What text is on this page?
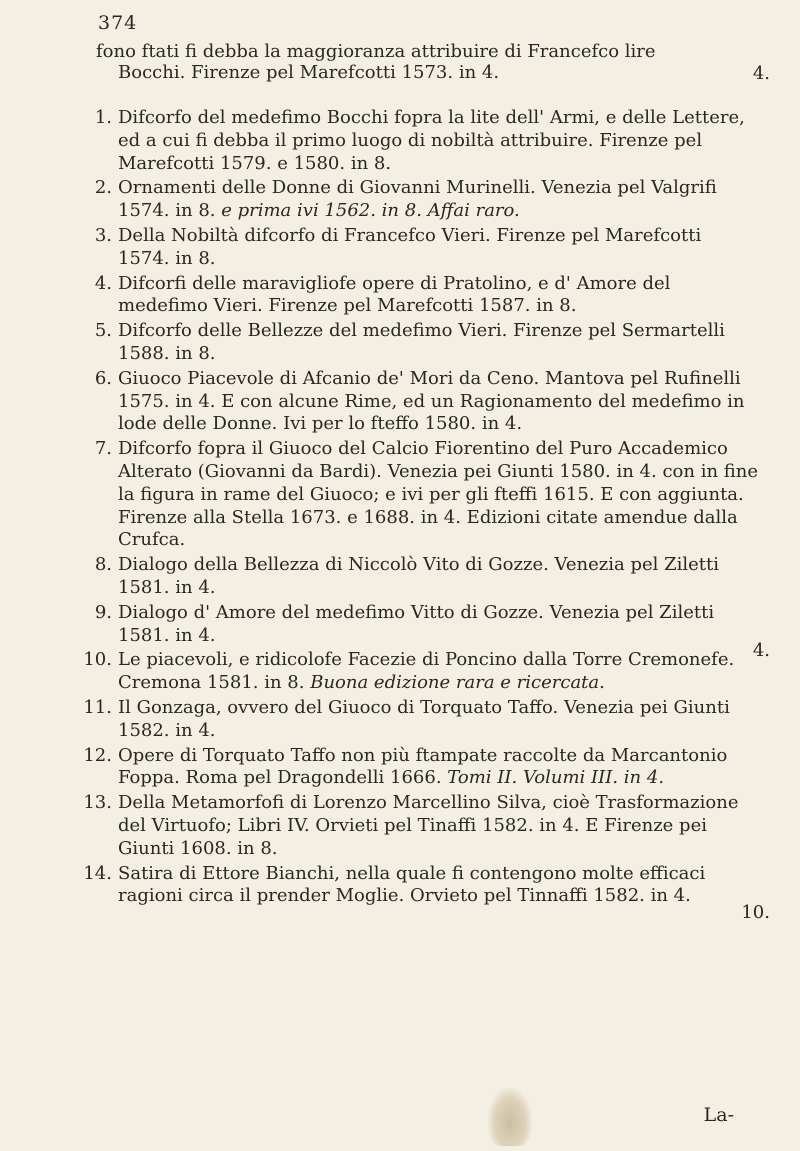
374
fono ftati fi debba la maggioranza attribuire di Francefco lire
Bocchi. Firenze pel Marefcotti 1573. in 4.	4.
1. Difcorfo del medefimo Bocchi fopra la lite dell' Armi, e delle Lettere, ed a cui fi debba il primo luogo di nobiltà attribuire. Firenze pel Marefcotti 1579. e 1580. in 8.
2. Ornamenti delle Donne di Giovanni Murinelli. Venezia pel Valgrifi 1574. in 8. e prima ivi 1562. in 8. Affai raro.
3. Della Nobiltà difcorfo di Francefco Vieri. Firenze pel Marefcotti 1574. in 8.
4. Difcorfi delle maravigliofe opere di Pratolino, e d' Amore del medefimo Vieri. Firenze pel Marefcotti 1587. in 8.
5. Difcorfo delle Bellezze del medefimo Vieri. Firenze pel Sermartelli 1588. in 8.
6. Giuoco Piacevole di Afcanio de' Mori da Ceno. Mantova pel Rufinelli 1575. in 4. E con alcune Rime, ed un Ragionamento del medefimo in lode delle Donne. Ivi per lo fteffo 1580. in 4.
7. Difcorfo fopra il Giuoco del Calcio Fiorentino del Puro Accademico Alterato (Giovanni da Bardi). Venezia pei Giunti 1580. in 4. con in fine la figura in rame del Giuoco; e ivi per gli fteffi 1615. E con aggiunta. Firenze alla Stella 1673. e 1688. in 4. Edizioni citate amendue dalla Crufca.
8. Dialogo della Bellezza di Niccolò Vito di Gozze. Venezia pel Ziletti 1581. in 4.
9. Dialogo d' Amore del medefimo Vitto di Gozze. Venezia pel Ziletti 1581. in 4.
10. Le piacevoli, e ridicolofe Facezie di Poncino dalla Torre Cremonefe. Cremona 1581. in 8. Buona edizione rara e ricercata.
11. Il Gonzaga, ovvero del Giuoco di Torquato Taffo. Venezia pei Giunti 1582. in 4.
12. Opere di Torquato Taffo non più ftampate raccolte da Marcantonio Foppa. Roma pel Dragondelli 1666. Tomi II. Volumi III. in 4.
13. Della Metamorfofi di Lorenzo Marcellino Silva, cioè Trasformazione del Virtuofo; Libri IV. Orvieti pel Tinaffi 1582. in 4. E Firenze pei Giunti 1608. in 8.
14. Satira di Ettore Bianchi, nella quale fi contengono molte efficaci ragioni circa il prender Moglie. Orvieto pel Tinnaffi 1582. in 4.
4.
10.
La-
